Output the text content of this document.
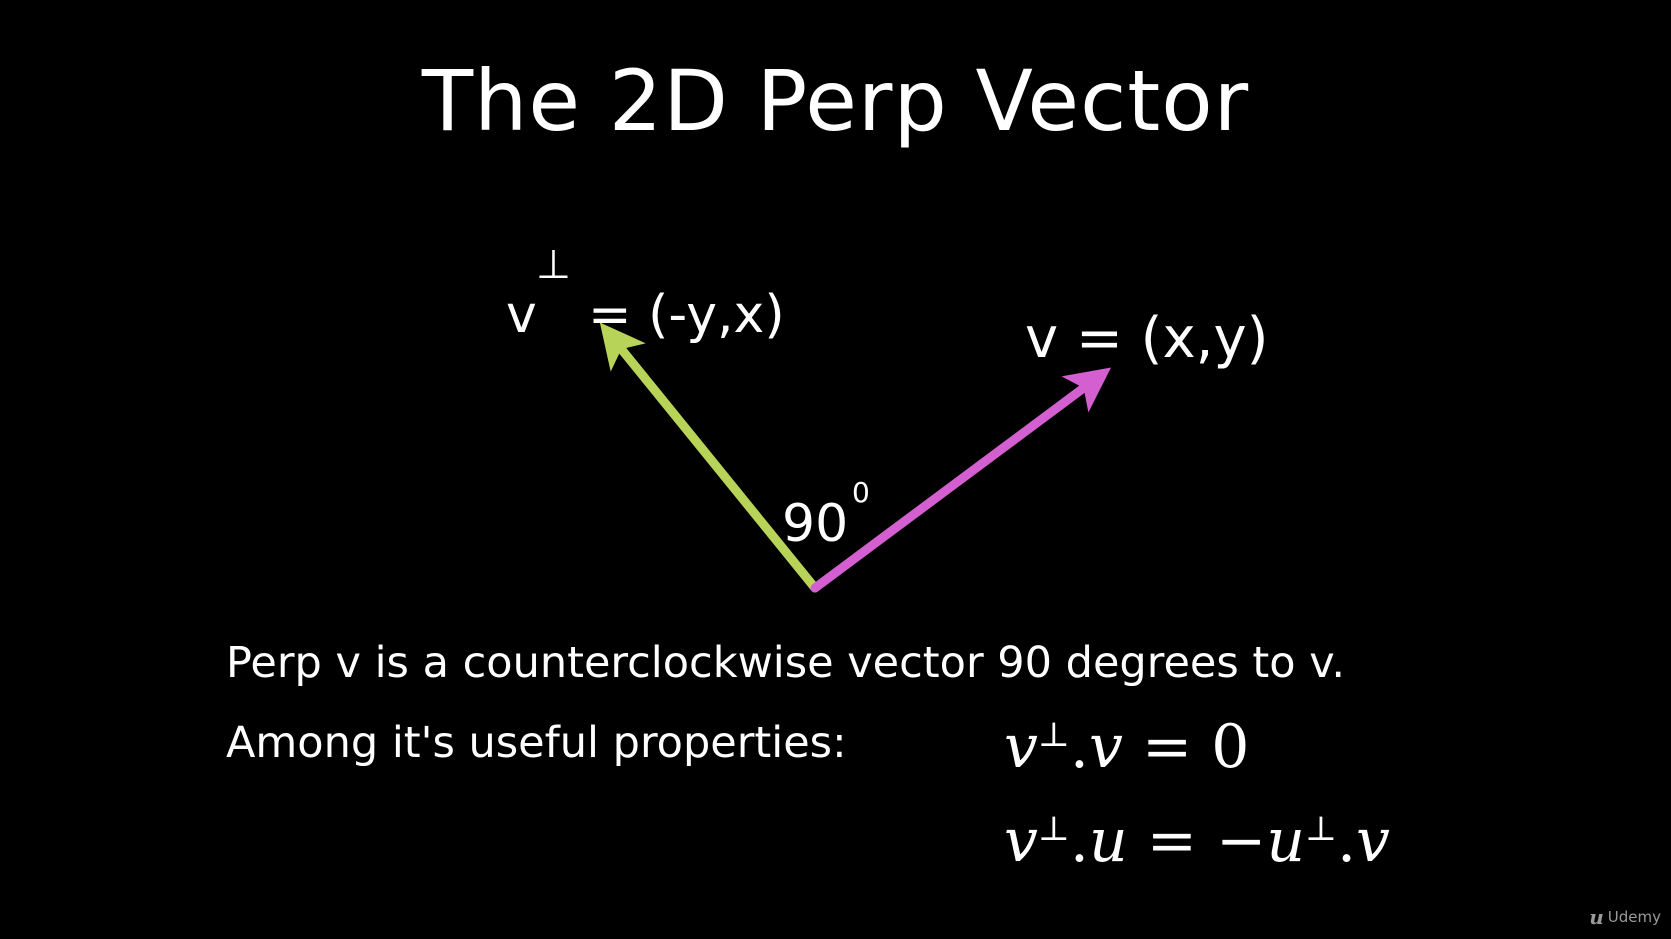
The 2D Perp Vector
v
⊥
= (-y,x)	v = (x,y)
90
0
Perp v is a counterclockwise vector 90 degrees to v.
Among it's useful properties:	v⊥.v = 0
v⊥.u = −u⊥.v
u Udemy
